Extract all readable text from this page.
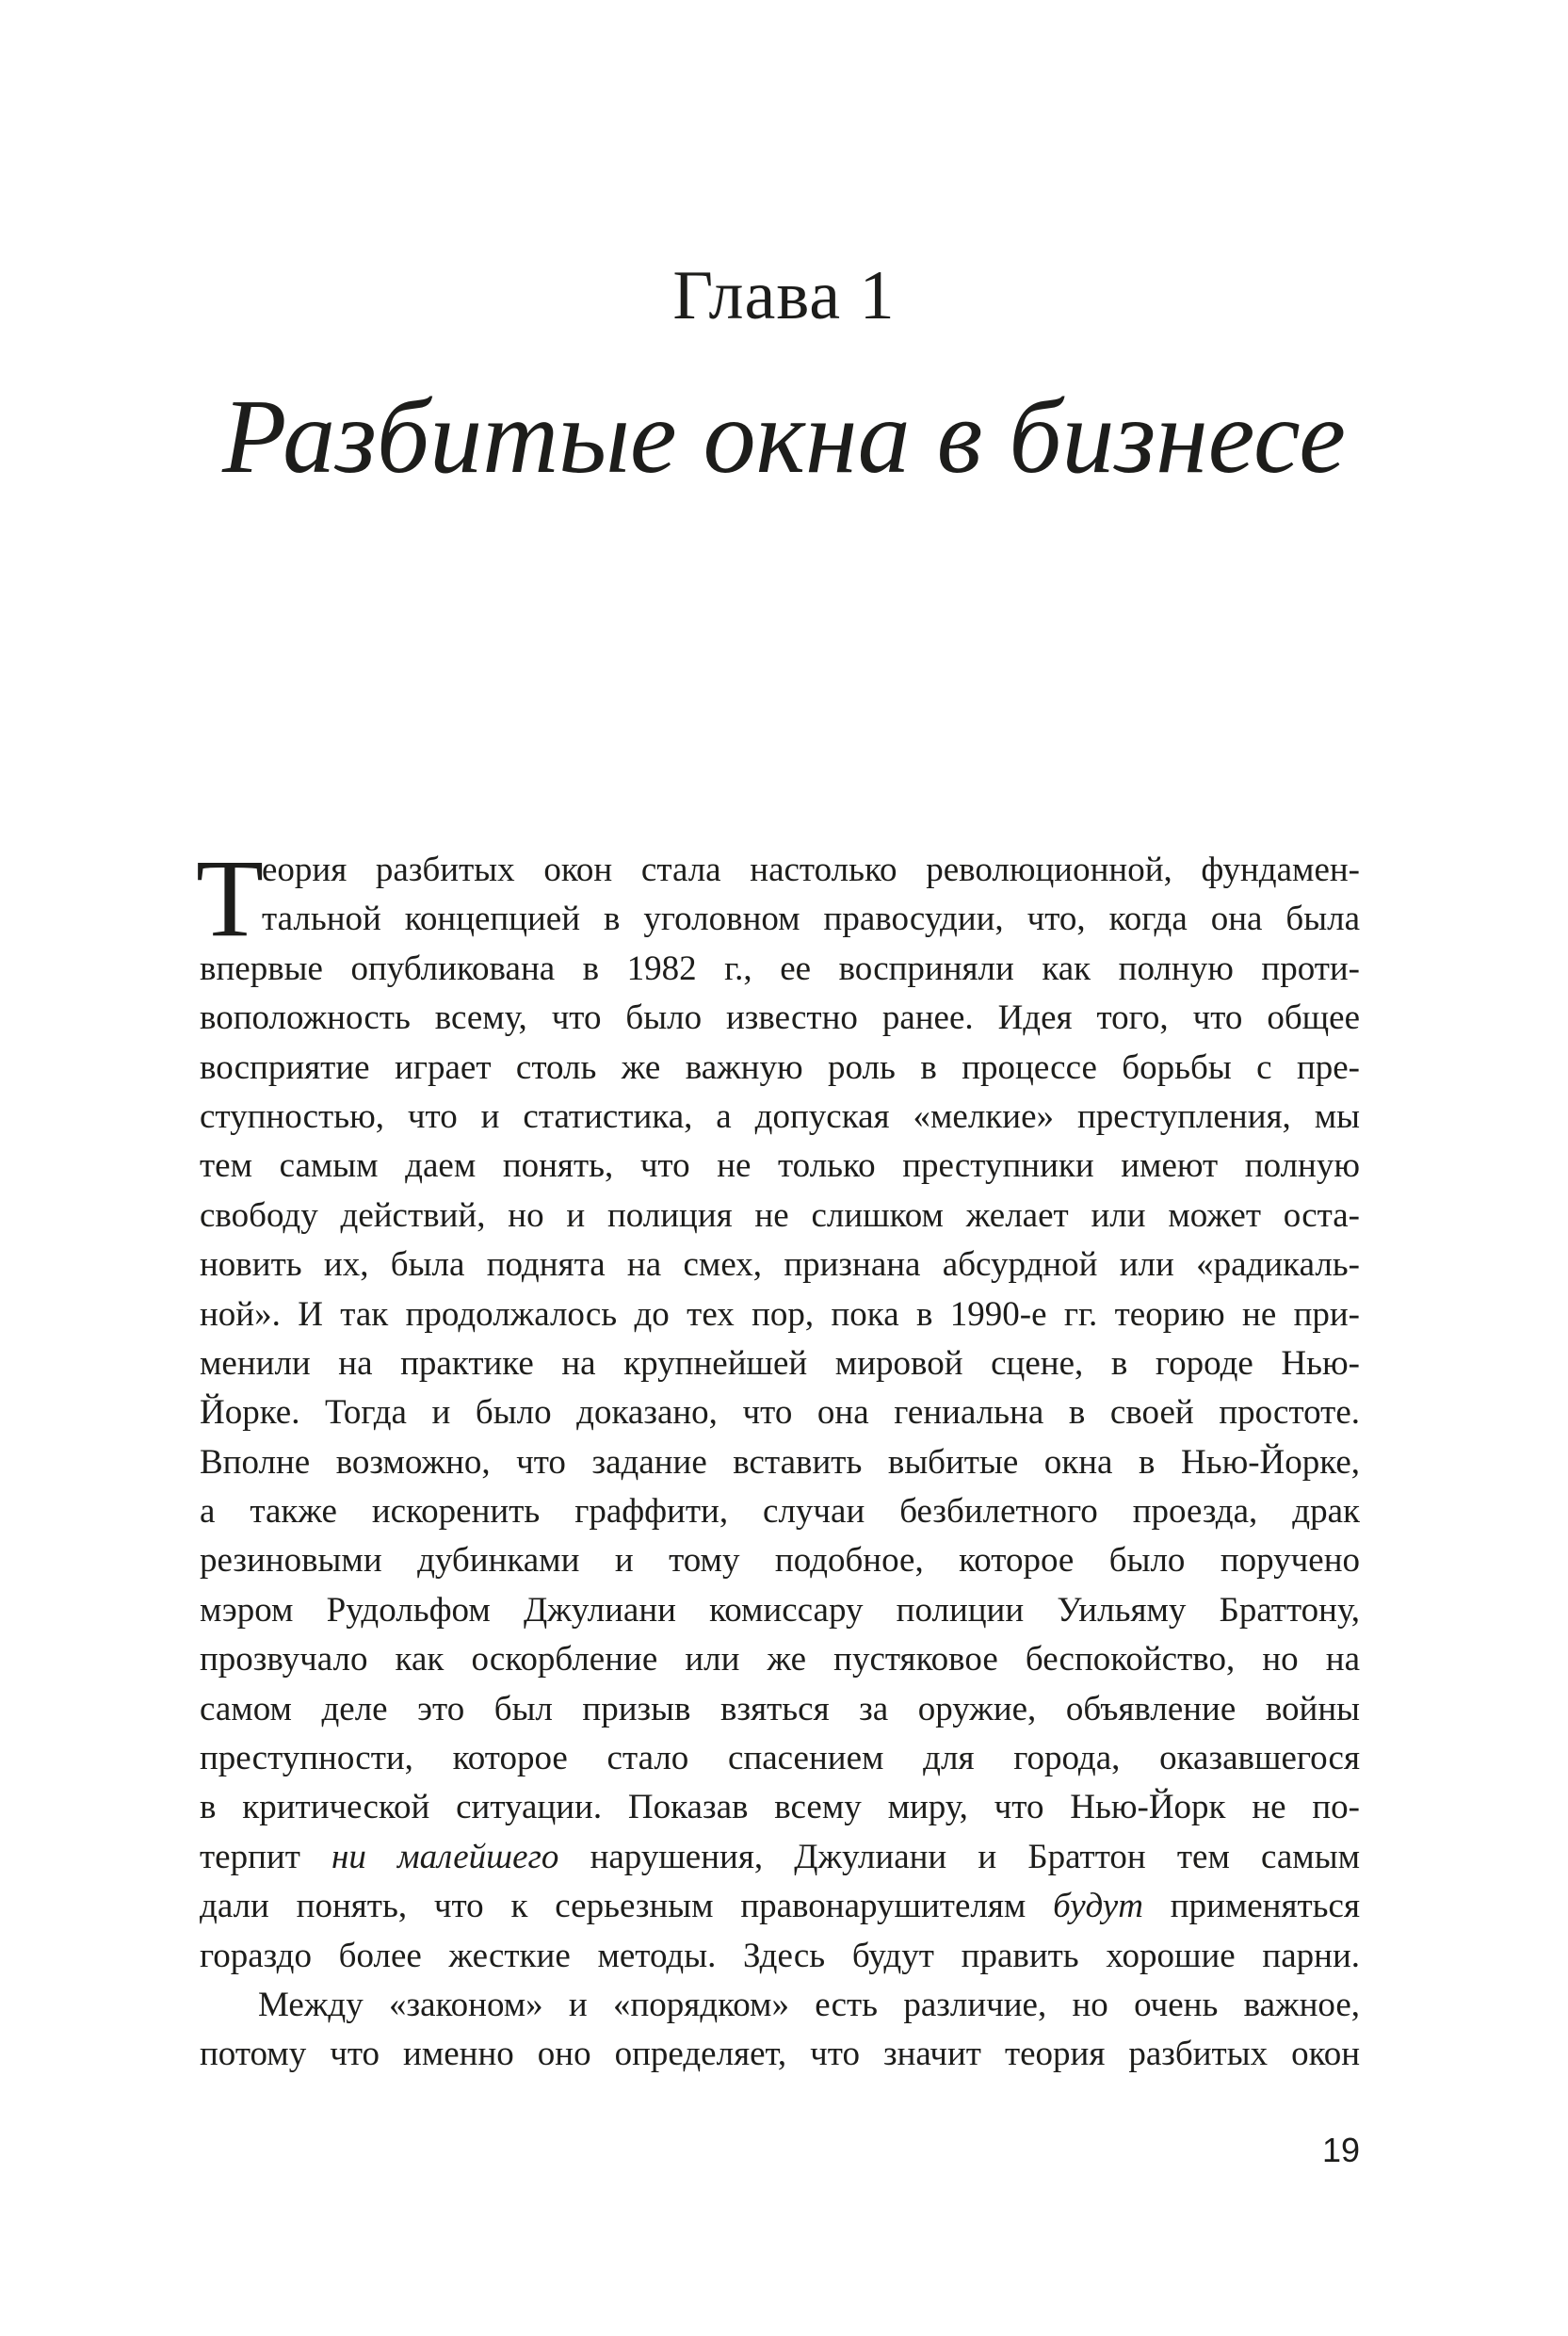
Глава 1
Разбитые окна в бизнесе
Т
еория разбитых окон стала настолько революционной, фундамен-
тальной концепцией в уголовном правосудии, что, когда она была
впервые опубликована в 1982 г., ее восприняли как полную проти-
воположность всему, что было известно ранее. Идея того, что общее
восприятие играет столь же важную роль в процессе борьбы с пре-
ступностью, что и статистика, а допуская «мелкие» преступления, мы
тем самым даем понять, что не только преступники имеют полную
свободу действий, но и полиция не слишком желает или может оста-
новить их, была поднята на смех, признана абсурдной или «радикаль-
ной». И так продолжалось до тех пор, пока в 1990-е гг. теорию не при-
менили на практике на крупнейшей мировой сцене, в городе Нью-
Йорке. Тогда и было доказано, что она гениальна в своей простоте.
Вполне возможно, что задание вставить выбитые окна в Нью-Йорке,
а также искоренить граффити, случаи безбилетного проезда, драк
резиновыми дубинками и тому подобное, которое было поручено
мэром Рудольфом Джулиани комиссару полиции Уильяму Браттону,
прозвучало как оскорбление или же пустяковое беспокойство, но на
самом деле это был призыв взяться за оружие, объявление войны
преступности, которое стало спасением для города, оказавшегося
в критической ситуации. Показав всему миру, что Нью-Йорк не по-
терпит ни малейшего нарушения, Джулиани и Браттон тем самым
дали понять, что к серьезным правонарушителям будут применяться
гораздо более жесткие методы. Здесь будут править хорошие парни.
Между «законом» и «порядком» есть различие, но очень важное,
потому что именно оно определяет, что значит теория разбитых окон
19
